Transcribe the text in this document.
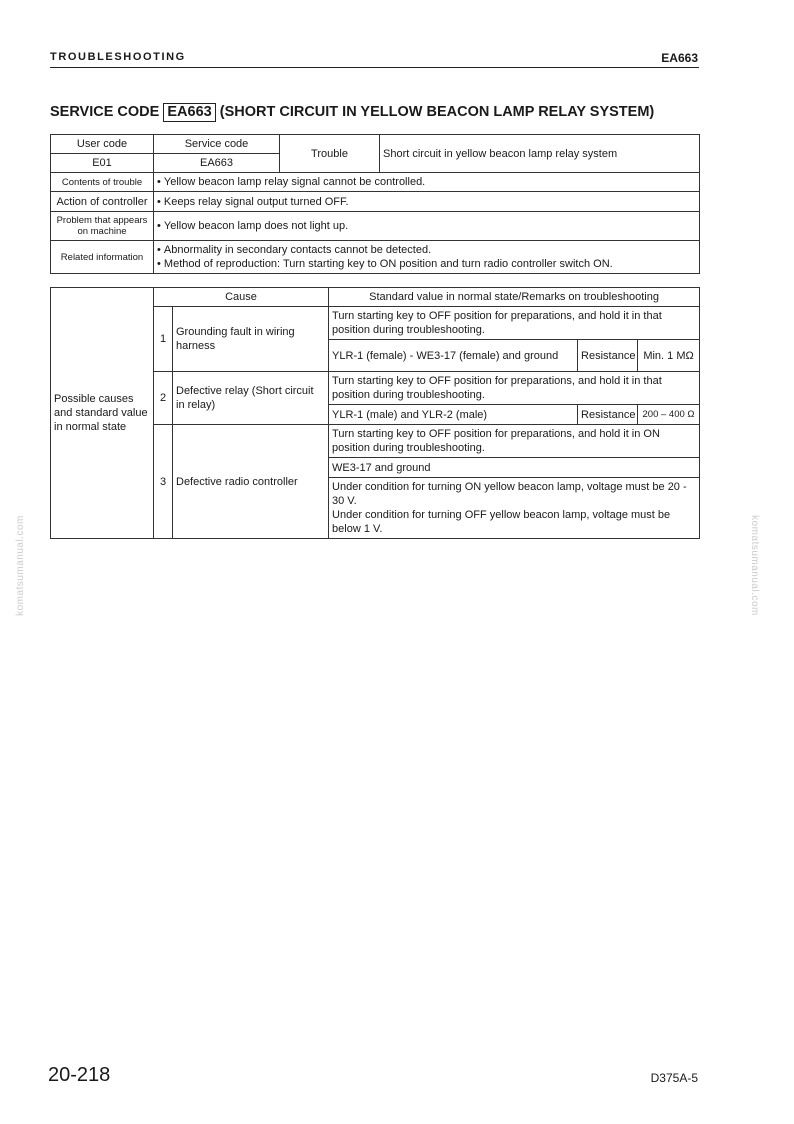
TROUBLESHOOTING	EA663
SERVICE CODE EA663 (SHORT CIRCUIT IN YELLOW BEACON LAMP RELAY SYSTEM)
User code	Service code	Trouble	Short circuit in yellow beacon lamp relay system
E01	EA663		
Contents of trouble	• Yellow beacon lamp relay signal cannot be controlled.
Action of controller	• Keeps relay signal output turned OFF.
Problem that appears on machine	• Yellow beacon lamp does not light up.
Related information	• Abnormality in secondary contacts cannot be detected.
• Method of reproduction: Turn starting key to ON position and turn radio controller switch ON.
Possible causes and standard value in normal state	Cause		Standard value in normal state/Remarks on troubleshooting		
	1	Grounding fault in wiring harness	Turn starting key to OFF position for preparations, and hold it in that position during troubleshooting.		
			YLR-1 (female) - WE3-17 (female) and ground	Resistance	Min. 1 MΩ
	2	Defective relay (Short circuit in relay)	Turn starting key to OFF position for preparations, and hold it in that position during troubleshooting.		
			YLR-1 (male) and YLR-2 (male)	Resistance	200 – 400 Ω
	3	Defective radio controller	Turn starting key to OFF position for preparations, and hold it in ON position during troubleshooting.		
			WE3-17 and ground		

			Under condition for turning ON yellow beacon lamp, voltage must be 20 - 30 V.
Under condition for turning OFF yellow beacon lamp, voltage must be below 1 V.		
20-218	D375A-5
komatsumanual.com	komatsumanual.com
